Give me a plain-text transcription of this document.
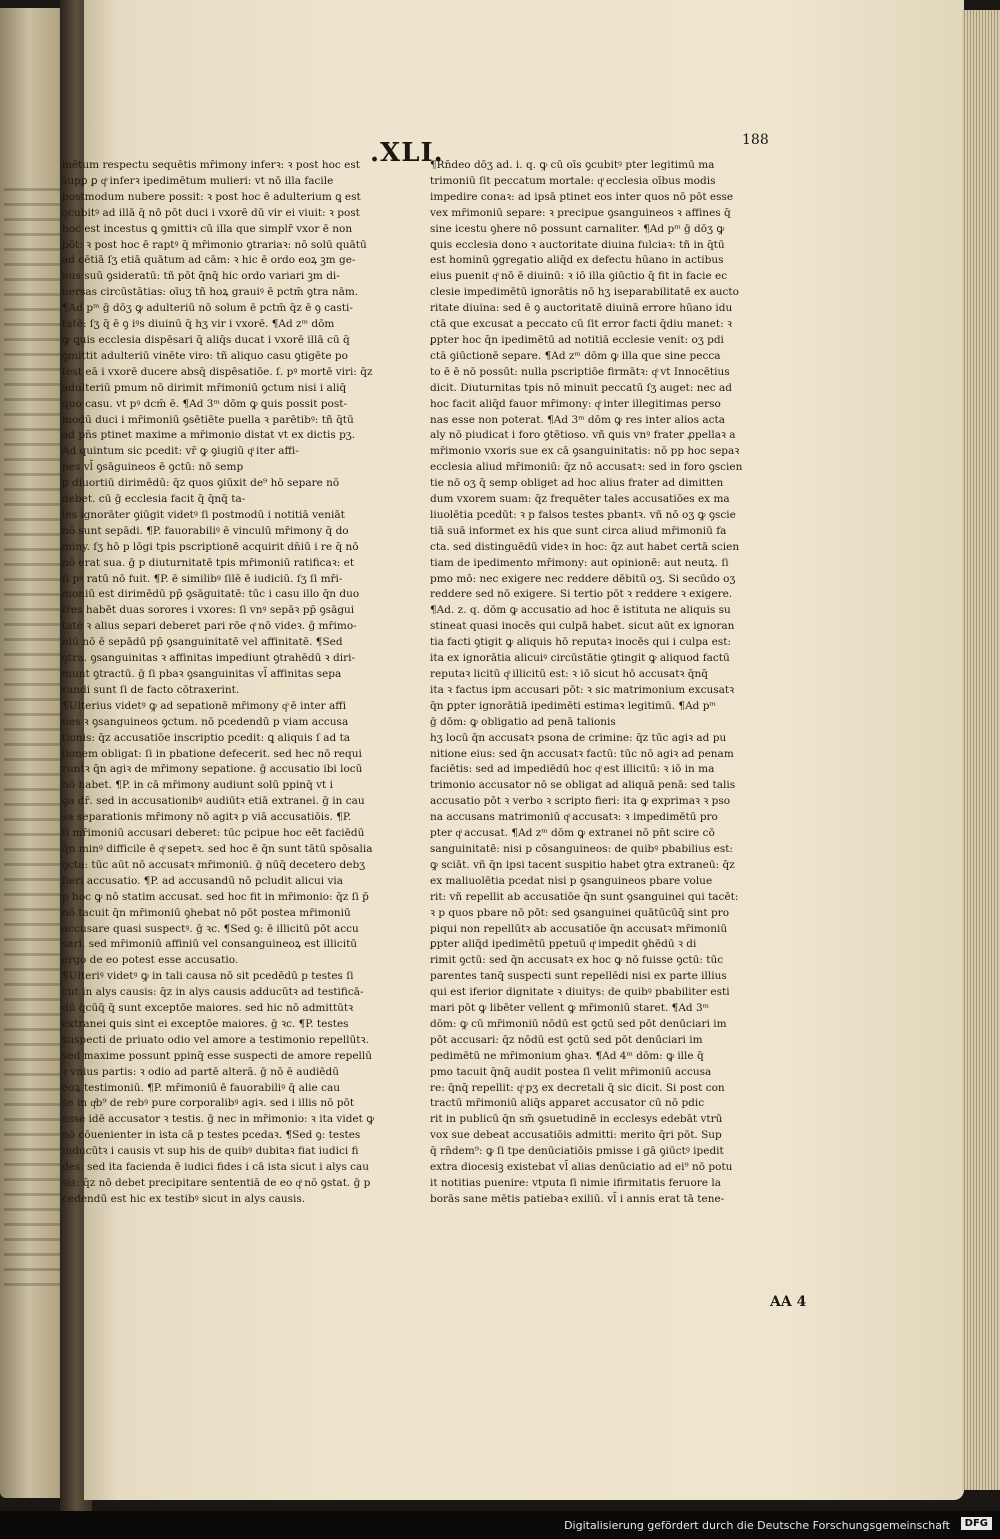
.XLI.	188

mētum respectu sequētis mr̄imony inferꝛ: ꝛ post hoc est

supꝑ ꝑ qͦ inferꝛ ipedimētum mulieri: vt nō illa facile

postmodum nubere possit: ꝛ post hoc ē adulterium ꝗ est

ꝯcubitꝰ ad illā q̄ nō pōt duci i vxorē dū vir ei viuit: ꝛ post

hoc est incestus ꝗ ꝯmittiꝛ cū illa que simplr̄ vxor ē non

pōt: ꝛ post hoc ē raptꝰ q̄ mr̄imonio ꝯtrariaꝛ: nō solū quātū

ad cētiā ſʒ etiā quātum ad cām: ꝛ hic ē ordo eoꝝ ꝫm ge-

nus suū ꝯsideratū: tñ pōt q̄nq̄ hic ordo variari ꝫm di-

uersas circūstātias: oīuʒ tñ hoꝝ grauiꝰ ē pctm̄ ꝯtra nām.

¶Ad pᵐ ḡ dōʒ ꝙ adulteriū nō solum ē pctm̄ q̄z ē ꝯ casti-

tatē: ſʒ q̄ ē ꝯ iꝰs diuinū q̄ hʒ vir i vxorē. ¶Ad zᵐ dōm

ꝙ ꝗuis ecclesia dispēsari q̄ aliq̄s ducat i vxorē illā cū q̄

ꝯmittit adulteriū vinēte viro: tñ aliquo casu ꝯtigēte po

test eā i vxorē ducere absq̄ dispēsatiōe. ſ. pꝰ mortē viri: q̄z

adulteriū pmum nō dirimit mr̄imoniū ꝯctum nisi i aliq̄

quo casu. vt pꝰ dcm̄ ē. ¶Ad 3ᵐ dōm ꝙ ꝗuis possit post-

modū duci i mr̄imoniū ꝯsētiēte puella ꝛ parētibꝰ: tñ q̄tū

ad pn̄s ptinet maxime a mr̄imonio distat vt ex dictis pʒ.

Ad quintum sic pcedit: vr̄ ꝙ ꝯiugiū qͦ iter affi-

nes vl̄ ꝯsāguineos ē ꝯctū: nō semp

ꝑ diuortiū dirimēdū: q̄z quos ꝯiūxit de⁹ hō separe nō

debet. cū ḡ ecclesia facit q̄ q̄nq̄ ta-

les ignorāter ꝯiūgit videtꝰ ſi postmodū i notitiā veniāt

nō sunt sepādi. ¶P. fauorabiliꝰ ē vinculū mr̄imony q̄ do

miny. ſʒ hō p lōgi tpis pscriptionē acquirit dn̄iū i re q̄ nō

nō erat sua. ḡ p diuturnitatē tpis mr̄imoniū ratificaꝛ: et

ſi pꝰ ratū nō fuit. ¶P. ē similibꝰ ſilē ē iudiciū. ſʒ ſi mr̄i-

moniū est dirimēdū pp̄ ꝯsāguitatē: tūc i casu illo q̄n duo

fr̄es habēt duas sorores i vxores: ſi vnꝰ sepāꝛ pp̄ ꝯsāgui

tatē ꝛ alius separi deberet pari rōe qͦ nō videꝛ. ḡ mr̄imo-

niū nō ē sepādū pp̄ ꝯsanguinitatē vel affinitatē. ¶Sed

ꝯtra. ꝯsanguinitas ꝛ affinitas impediunt ꝯtrahēdū ꝛ diri-

munt ꝯtractū. ḡ ſi pbaꝛ ꝯsanguinitas vl̄ affinitas sepa

randi sunt ſi de facto cōtraxerint.

¶Ulterius videtꝰ ꝙ ad sepationē mr̄imony qͦ ē inter affi

nes ꝛ ꝯsanguineos ꝯctum. nō pcedendū p viam accusa

tionis: q̄z accusatiōe inscriptio pcedit: ꝗ aliquis ſ ad ta

lionem obligat: ſi in pbatione defecerit. sed hec nō requi

runtꝛ q̄n agiꝛ de mr̄imony sepatione. ḡ accusatio ibi locū

nō habet. ¶P. in cā mr̄imony audiunt solū ppinq̄ vt i

ꝯa dr̄. sed in accusationibꝰ audiūtꝛ etiā extranei. ḡ in cau

sa separationis mr̄imony nō agitꝛ p viā accusatiōis. ¶P.

ſi mr̄imoniū accusari deberet: tūc pcipue hoc eēt faciēdū

q̄n minꝰ difficile ē qͦ sepetꝛ. sed hoc ē q̄n sunt tātū spōsalia

ꝯcta: tūc aūt nō accusatꝛ mr̄imoniū. ḡ nūq̄ decetero debʒ

fieri accusatio. ¶P. ad accusandū nō pcludit alicui via

p hoc ꝙ nō statim accusat. sed hoc fit in mr̄imonio: q̄z ſi p̄

nō tacuit q̄n mr̄imoniū ꝯhebat nō pōt postea mr̄imoniū

accusare quasi suspectꝰ. ḡ ꝛc. ¶Sed ꝯ: ē illicitū pōt accu

sari. sed mr̄imoniū affiniū vel consanguineoꝝ est illicitū

ergo de eo potest esse accusatio.

¶Ulteriꝰ videtꝰ ꝙ in tali causa nō sit pcedēdū p testes ſi

cut in alys causis: q̄z in alys causis adducūtꝛ ad testificā-

dū q̄cūq̄ q̄ sunt exceptōe maiores. sed hic nō admittūtꝛ

extranei ꝗuis sint ei exceptōe maiores. ḡ ꝛc. ¶P. testes

suspecti de priuato odio vel amore a testimonio repellūtꝛ.

sed maxime possunt ppinq̄ esse suspecti de amore repellū

ꝛ vnius partis: ꝛ odio ad partē alterā. ḡ nō ē audiēdū

eoꝝ testimoniū. ¶P. mr̄imoniū ē fauorabiliꝰ q̄ alie cau

se in qͥb⁹ de rebꝰ pure corporalibꝰ agiꝛ. sed i illis nō pōt

esse idē accusator ꝛ testis. ḡ nec in mr̄imonio: ꝛ ita videt ꝙ

nō cōuenienter in ista cā p testes pcedaꝛ. ¶Sed ꝯ: testes

inducūtꝛ i causis vt sup his de quibꝰ dubitaꝛ fiat iudici fi

des. sed ita facienda ē iudici fides i cā ista sicut i alys cau

sis: q̄z nō debet precipitare sententiā de eo qͦ nō ꝯstat. ḡ p

cedendū est hic ex testibꝰ sicut in alys causis.

¶Rn̄deo dōʒ ad. i. q. ꝙ cū oīs ꝯcubitꝰ pter legitimū ma

trimoniū ſit peccatum mortale: qͦ ecclesia oībus modis

impedire conaꝛ: ad ipsā ptinet eos inter quos nō pōt esse

vex mr̄imoniū separe: ꝛ precipue ꝯsanguineos ꝛ affines q̄

sine icestu ꝯhere nō possunt carnaliter. ¶Ad pᵐ ḡ dōʒ ꝙ

ꝗuis ecclesia dono ꝛ auctoritate diuina fulciaꝛ: tñ in q̄tū

est hominū ꝯgregatio aliq̄d ex defectu hūano in actibus

eius puenit qͦ nō ē diuinū: ꝛ iō illa ꝯiūctio q̄ fit in facie ec

clesie impedimētū ignorātis nō hʒ iseparabilitatē ex aucto

ritate diuina: sed ē ꝯ auctoritatē diuinā errore hūano idu

ctā que excusat a peccato cū ſit error facti q̄diu manet: ꝛ

ꝑpter hoc q̄n ipedimētū ad notitiā ecclesie venit: oʒ pdi

ctā ꝯiūctionē separe. ¶Ad zᵐ dōm ꝙ illa que sine pecca

to ē ē nō possūt: nulla pscriptiōe firmātꝛ: qͦ vt Innocētius

dicit. Diuturnitas tpis nō minuit peccatū ſʒ auget: nec ad

hoc facit aliq̄d fauor mr̄imony: qͦ inter illegitimas perso

nas esse non poterat. ¶Ad 3ᵐ dōm ꝙ res inter alios acta

aly nō piudicat i foro ꝯtētioso. vñ ꝗuis vnꝰ frater ꝓpellaꝛ a

mr̄imonio vxoris sue ex cā ꝯsanguinitatis: nō pp hoc sepaꝛ

ecclesia aliud mr̄imoniū: q̄z nō accusatꝛ: sed in foro ꝯscien

tie nō oʒ q̄ semp obliget ad hoc alius frater ad dimitten

dum vxorem suam: q̄z frequēter tales accusatiōes ex ma

liuolētia pcedūt: ꝛ p falsos testes pbantꝛ. vñ nō oʒ ꝙ ꝯscie

tiā suā informet ex his que sunt circa aliud mr̄imoniū fa

cta. sed distinguēdū videꝛ in hoc: q̄z aut habet certā scien

tiam de ipedimento mr̄imony: aut opinionē: aut neutꝝ. ſi

pmo mō: nec exigere nec reddere dēbitū oʒ. Si secūdo oʒ

reddere sed nō exigere. Si tertio pōt ꝛ reddere ꝛ exigere.

¶Ad. z. q. dōm ꝙ accusatio ad hoc ē istituta ne aliquis su

stineat quasi inocēs qui culpā habet. sicut aūt ex ignoran

tia facti ꝯtigit ꝙ aliquis hō reputaꝛ inocēs qui i culpa est:

ita ex ignorātia alicuiꝰ circūstātie ꝯtingit ꝙ aliquod factū

reputaꝛ licitū qͦ illicitū est: ꝛ iō sicut hō accusatꝛ q̄nq̄

ita ꝛ factus ipm accusari pōt: ꝛ sic matrimonium excusatꝛ

q̄n ꝑpter ignorātiā ipedimēti estimaꝛ legitimū. ¶Ad pᵐ

ḡ dōm: ꝙ obligatio ad penā talionis

hʒ locū q̄n accusatꝛ psona de crimine: q̄z tūc agiꝛ ad pu

nitione eius: sed q̄n accusatꝛ factū: tūc nō agiꝛ ad penam

faciētis: sed ad impediēdū hoc qͦ est illicitū: ꝛ iō in ma

trimonio accusator nō se obligat ad aliquā penā: sed talis

accusatio pōt ꝛ verbo ꝛ scripto fieri: ita ꝙ exprimaꝛ ꝛ pso

na accusans matrimoniū qͦ accusatꝛ: ꝛ impedimētū pro

pter qͦ accusat. ¶Ad zᵐ dōm ꝙ extranei nō pn̄t scire cō

sanguinitatē: nisi p cōsanguineos: de quibꝰ pbabilius est:

ꝙ sciāt. vñ q̄n ipsi tacent suspitio habet ꝯtra extraneū: q̄z

ex maliuolētia pcedat nisi p ꝯsanguineos pbare volue

rit: vñ repellit ab accusatiōe q̄n sunt ꝯsanguinei qui tacēt:

ꝛ p quos pbare nō pōt: sed ꝯsanguinei quātūcūq̄ sint pro

piqui non repellūtꝛ ab accusatiōe q̄n accusatꝛ mr̄imoniū

ꝑpter aliq̄d ipedimētū ppetuū qͦ impedit ꝯhēdū ꝛ di

rimit ꝯctū: sed q̄n accusatꝛ ex hoc ꝙ nō fuisse ꝯctū: tūc

parentes tanq̄ suspecti sunt repellēdi nisi ex parte illius

qui est iferior dignitate ꝛ diuitys: de quibꝰ pbabiliter esti

mari pōt ꝙ libēter vellent ꝙ mr̄imoniū staret. ¶Ad 3ᵐ

dōm: ꝙ cū mr̄imoniū nōdū est ꝯctū sed pōt denūciari im

pōt accusari: q̄z nōdū est ꝯctū sed pōt denūciari im

pedimētū ne mr̄imonium ꝯhaꝛ. ¶Ad 4ᵐ dōm: ꝙ ille q̄

pmo tacuit q̄nq̄ audit postea ſi velit mr̄imoniū accusa

re: q̄nq̄ repellit: qͦ pʒ ex decretali q̄ sic dicit. Si post con

tractū mr̄imoniū aliq̄s apparet accusator cū nō pdic

rit in publicū q̄n sm̄ ꝯsuetudinē in ecclesys edebāt vtrū

vox sue debeat accusatiōis admitti: merito q̄ri pōt. Sup

q̄ rn̄dem⁹: ꝙ ſi tpe denūciatiōis pmisse i gā ꝯiūctꝰ ipedit

extra diocesiꝫ existebat vl̄ alias denūciatio ad ei⁹ nō potu

it notitias puenire: vtputa ſi nimie ifirmitatis feruore la

borās sane mētis patiebaꝛ exiliū. vl̄ i annis erat tā tene-

AA 4
Digitalisierung gefördert durch die Deutsche Forschungsgemeinschaft	DFG
